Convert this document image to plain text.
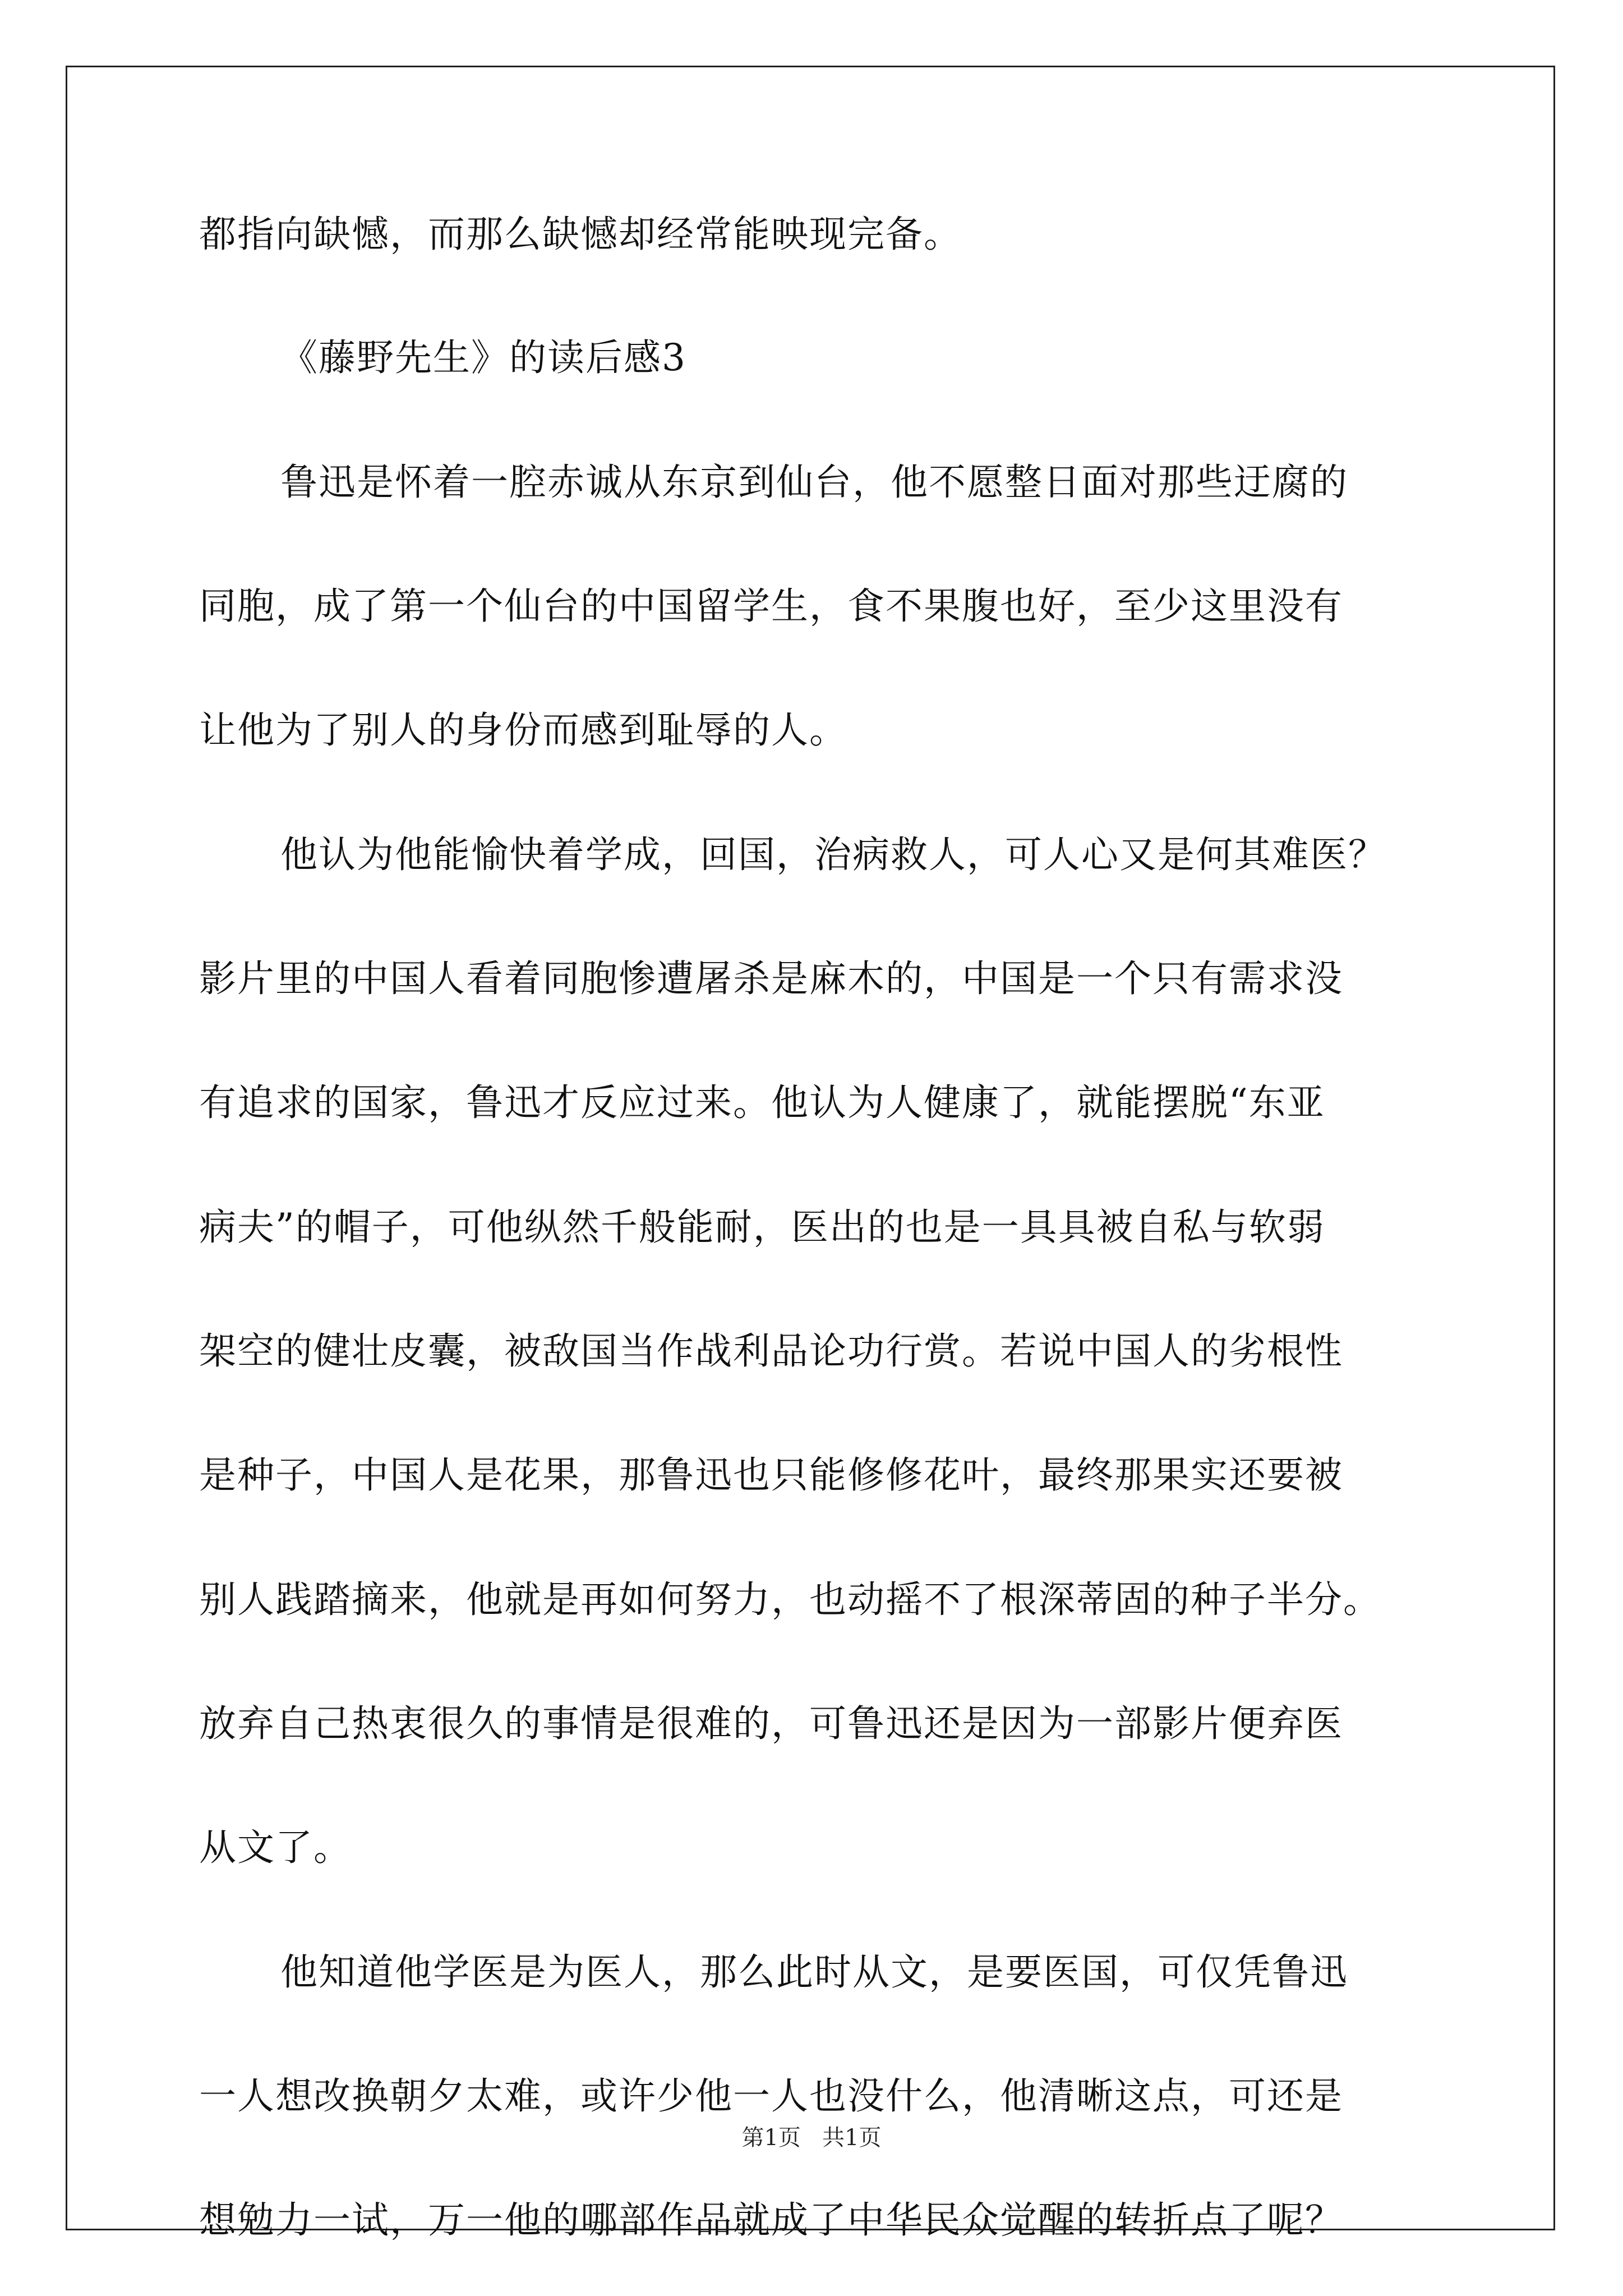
都指向缺憾，而那么缺憾却经常能映现完备。
《藤野先生》的读后感3
鲁迅是怀着一腔赤诚从东京到仙台，他不愿整日面对那些迂腐的
同胞，成了第一个仙台的中国留学生，食不果腹也好，至少这里没有
让他为了别人的身份而感到耻辱的人。
他认为他能愉快着学成，回国，治病救人，可人心又是何其难医？
影片里的中国人看着同胞惨遭屠杀是麻木的，中国是一个只有需求没
有追求的国家，鲁迅才反应过来。他认为人健康了，就能摆脱“东亚
病夫”的帽子，可他纵然千般能耐，医出的也是一具具被自私与软弱
架空的健壮皮囊，被敌国当作战利品论功行赏。若说中国人的劣根性
是种子，中国人是花果，那鲁迅也只能修修花叶，最终那果实还要被
别人践踏摘来，他就是再如何努力，也动摇不了根深蒂固的种子半分。
放弃自己热衷很久的事情是很难的，可鲁迅还是因为一部影片便弃医
从文了。
他知道他学医是为医人，那么此时从文，是要医国，可仅凭鲁迅
一人想改换朝夕太难，或许少他一人也没什么，他清晰这点，可还是
想勉力一试，万一他的哪部作品就成了中华民众觉醒的转折点了呢？
第1页   共1页
